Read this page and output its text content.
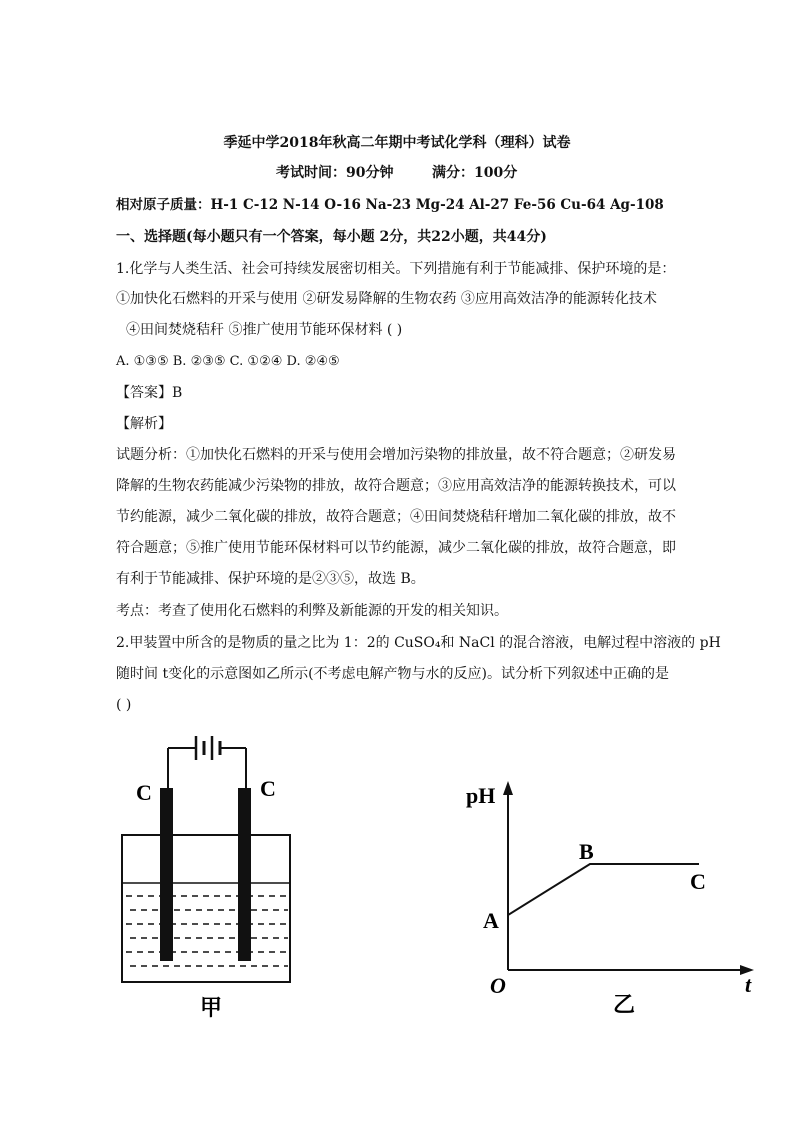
季延中学2018年秋高二年期中考试化学科（理科）试卷
考试时间：90分钟	满分：100分
相对原子质量：H-1 C-12 N-14 O-16 Na-23 Mg-24 Al-27 Fe-56 Cu-64 Ag-108
一、选择题(每小题只有一个答案，每小题 2分，共22小题，共44分)
1.化学与人类生活、社会可持续发展密切相关。下列措施有利于节能减排、保护环境的是：
①加快化石燃料的开采与使用 ②研发易降解的生物农药 ③应用高效洁净的能源转化技术
④田间焚烧秸秆 ⑤推广使用节能环保材料 ( )
A. ①③⑤ B. ②③⑤ C. ①②④ D. ②④⑤
【答案】B
【解析】
试题分析：①加快化石燃料的开采与使用会增加污染物的排放量，故不符合题意；②研发易
降解的生物农药能减少污染物的排放，故符合题意；③应用高效洁净的能源转换技术，可以
节约能源，减少二氧化碳的排放，故符合题意；④田间焚烧秸秆增加二氧化碳的排放，故不
符合题意；⑤推广使用节能环保材料可以节约能源，减少二氧化碳的排放，故符合题意，即
有利于节能减排、保护环境的是②③⑤，故选 B。
考点：考查了使用化石燃料的利弊及新能源的开发的相关知识。
2.甲装置中所含的是物质的量之比为 1：2的 CuSO₄和 NaCl 的混合溶液，电解过程中溶液的 pH
随时间 t变化的示意图如乙所示(不考虑电解产物与水的反应)。试分析下列叙述中正确的是
( )
C	C
甲
pH
t
O
A
B
C
乙
